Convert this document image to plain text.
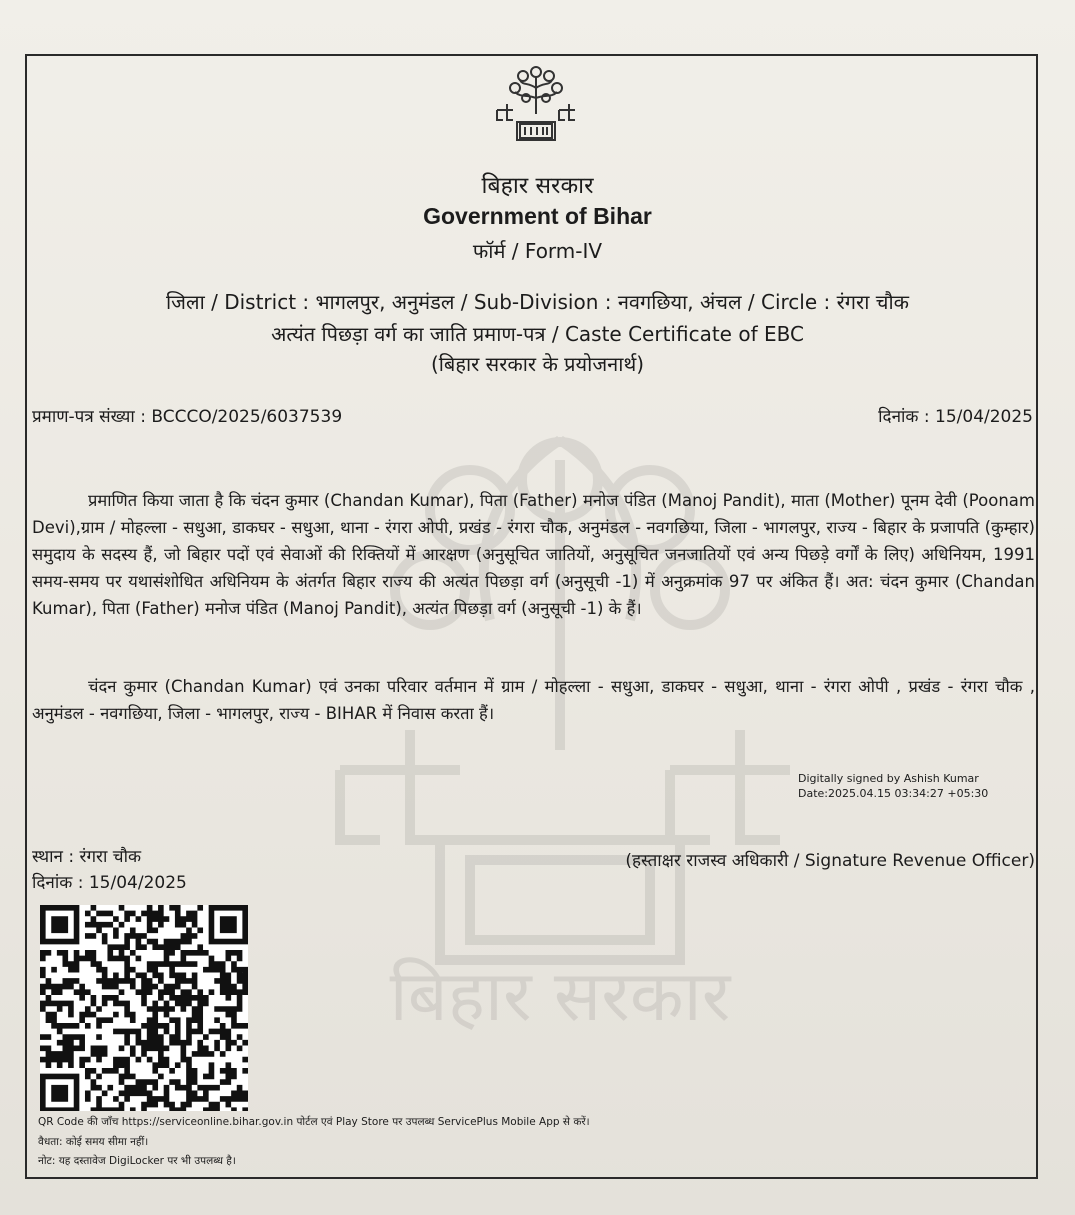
बिहार सरकार
बिहार सरकार
Government of Bihar
फॉर्म / Form-IV
जिला / District : भागलपुर, अनुमंडल / Sub-Division : नवगछिया, अंचल / Circle : रंगरा चौक
अत्यंत पिछड़ा वर्ग का जाति प्रमाण-पत्र / Caste Certificate of EBC
(बिहार सरकार के प्रयोजनार्थ)
प्रमाण-पत्र संख्या : BCCCO/2025/6037539	दिनांक : 15/04/2025
प्रमाणित किया जाता है कि चंदन कुमार (Chandan Kumar), पिता (Father) मनोज पंडित (Manoj Pandit), माता (Mother) पूनम देवी (Poonam Devi),ग्राम / मोहल्ला - सधुआ, डाकघर - सधुआ, थाना - रंगरा ओपी, प्रखंड - रंगरा चौक, अनुमंडल - नवगछिया, जिला - भागलपुर, राज्य - बिहार के प्रजापति (कुम्हार) समुदाय के सदस्य हैं, जो बिहार पदों एवं सेवाओं की रिक्तियों में आरक्षण (अनुसूचित जातियों, अनुसूचित जनजातियों एवं अन्य पिछड़े वर्गों के लिए) अधिनियम, 1991 समय-समय पर यथासंशोधित अधिनियम के अंतर्गत बिहार राज्य की अत्यंत पिछड़ा वर्ग (अनुसूची -1) में अनुक्रमांक 97 पर अंकित हैं। अत: चंदन कुमार (Chandan Kumar), पिता (Father) मनोज पंडित (Manoj Pandit), अत्यंत पिछड़ा वर्ग (अनुसूची -1) के हैं।
चंदन कुमार (Chandan Kumar) एवं उनका परिवार वर्तमान में ग्राम / मोहल्ला - सधुआ, डाकघर - सधुआ, थाना - रंगरा ओपी , प्रखंड - रंगरा चौक , अनुमंडल - नवगछिया, जिला - भागलपुर, राज्य - BIHAR में निवास करता हैं।
Digitally signed by Ashish Kumar
Date:2025.04.15 03:34:27 +05:30
स्थान : रंगरा चौक
दिनांक : 15/04/2025
(हस्ताक्षर राजस्व अधिकारी / Signature Revenue Officer)
QR Code की जाँच https://serviceonline.bihar.gov.in पोर्टल एवं Play Store पर उपलब्ध ServicePlus Mobile App से करें।
वैधता: कोई समय सीमा नहीं।
नोट: यह दस्तावेज DigiLocker पर भी उपलब्ध है।
